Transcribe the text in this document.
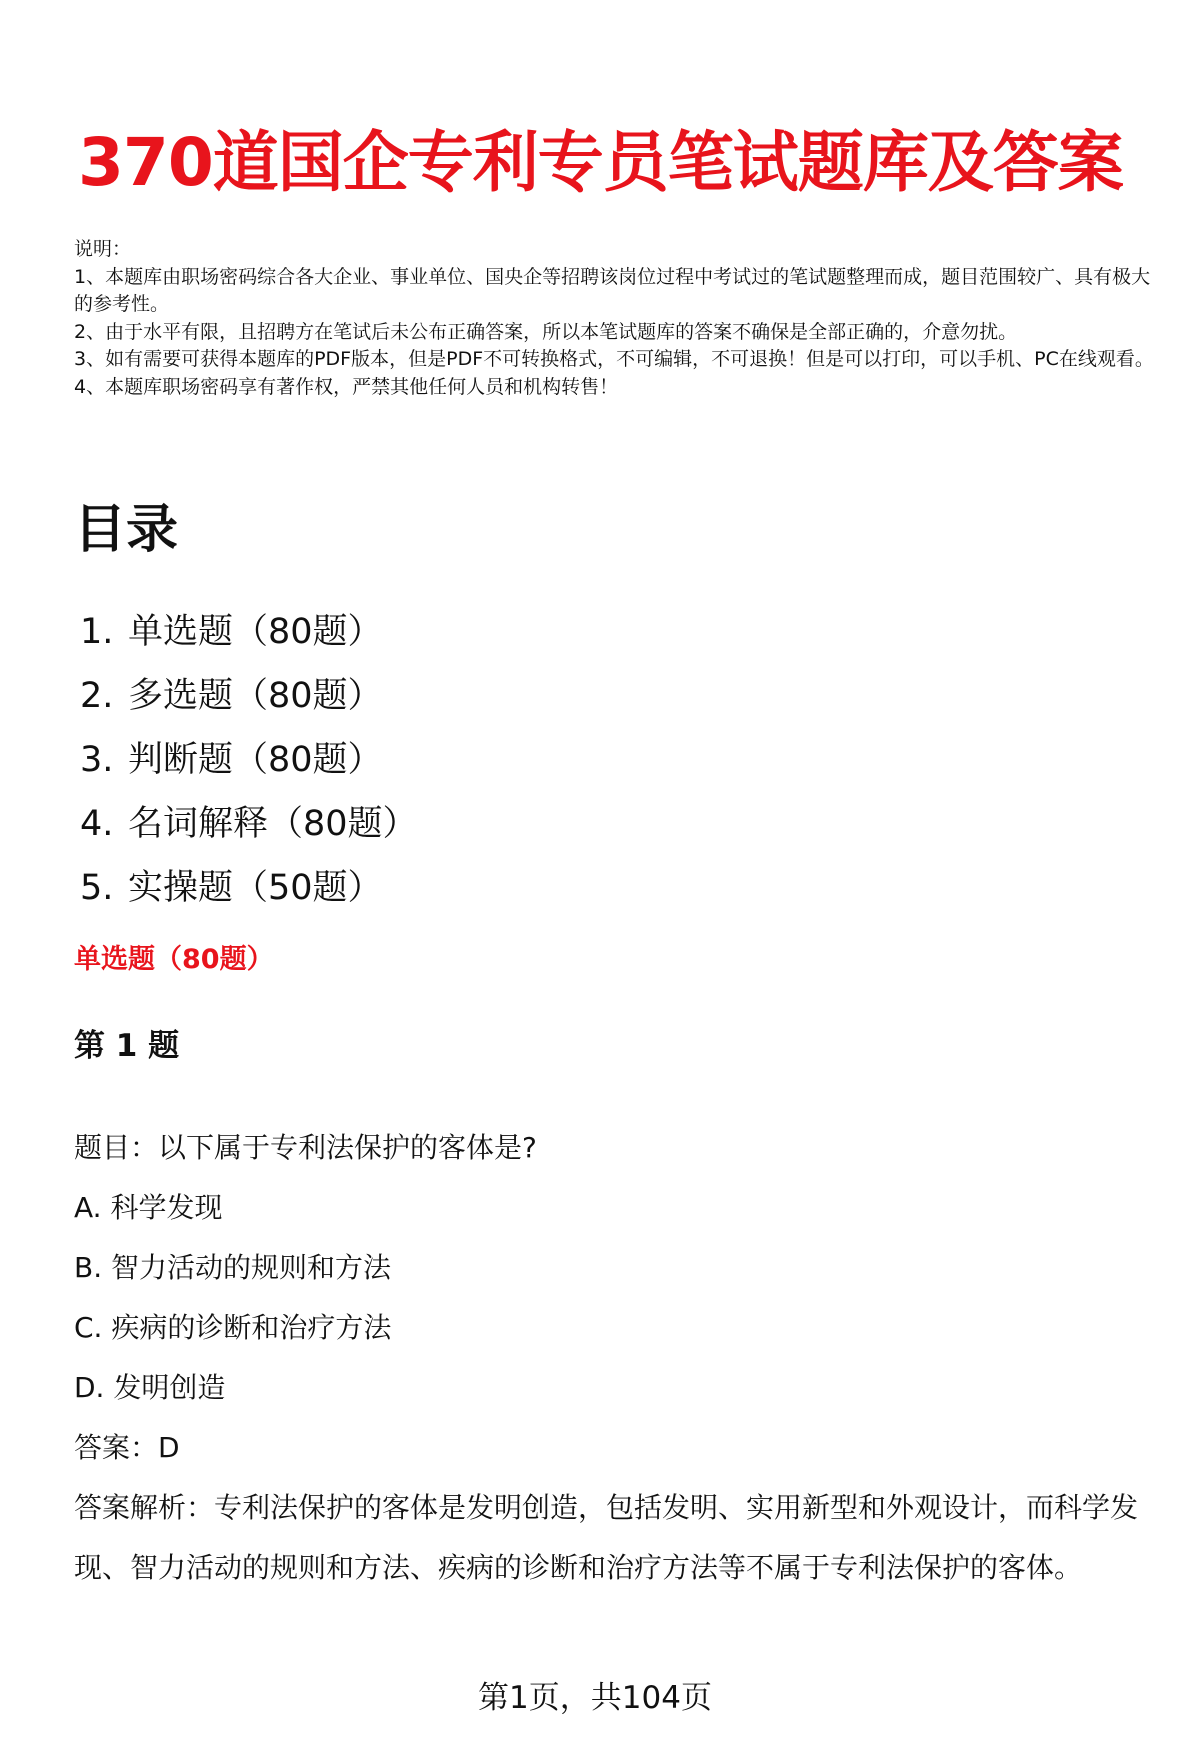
370道国企专利专员笔试题库及答案
说明：
1、本题库由职场密码综合各大企业、事业单位、国央企等招聘该岗位过程中考试过的笔试题整理而成，题目范围较广、具有极大的参考性。
2、由于水平有限，且招聘方在笔试后未公布正确答案，所以本笔试题库的答案不确保是全部正确的，介意勿扰。
3、如有需要可获得本题库的PDF版本，但是PDF不可转换格式，不可编辑，不可退换！但是可以打印，可以手机、PC在线观看。
4、本题库职场密码享有著作权，严禁其他任何人员和机构转售！
目录
1. 单选题（80题）
2. 多选题（80题）
3. 判断题（80题）
4. 名词解释（80题）
5. 实操题（50题）
单选题（80题）
第 1 题
题目：以下属于专利法保护的客体是?
A. 科学发现
B. 智力活动的规则和方法
C. 疾病的诊断和治疗方法
D. 发明创造
答案：D
答案解析：专利法保护的客体是发明创造，包括发明、实用新型和外观设计，而科学发现、智力活动的规则和方法、疾病的诊断和治疗方法等不属于专利法保护的客体。
第1页，共104页
